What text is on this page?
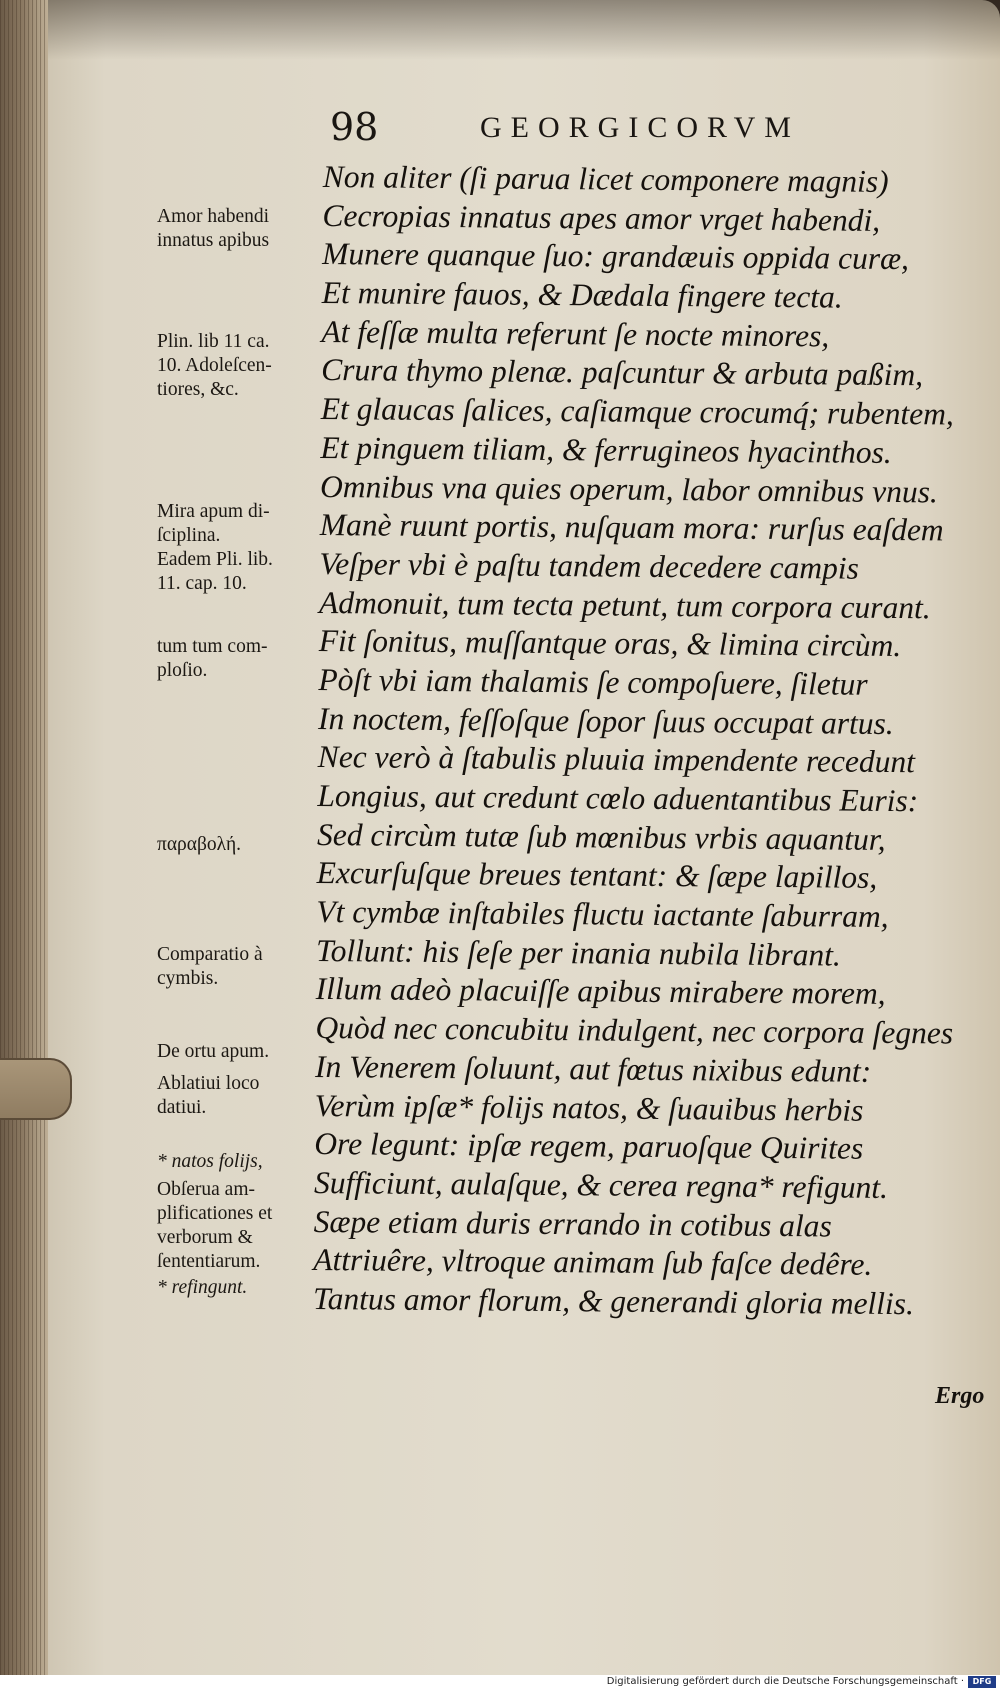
98	GEORGICORVM
Non aliter (ſi parua licet componere magnis)
Cecropias innatus apes amor vrget habendi,
Munere quanque ſuo: grandæuis oppida curæ,
Et munire fauos, & Dædala fingere tecta.
At feſſæ multa referunt ſe nocte minores,
Crura thymo plenæ. paſcuntur & arbuta paßim,
Et glaucas ſalices, caſiamque crocumq́; rubentem,
Et pinguem tiliam, & ferrugineos hyacinthos.
Omnibus vna quies operum, labor omnibus vnus.
Manè ruunt portis, nuſquam mora: rurſus eaſdem
Veſper vbi è paſtu tandem decedere campis
Admonuit, tum tecta petunt, tum corpora curant.
Fit ſonitus, muſſantque oras, & limina circùm.
Pòſt vbi iam thalamis ſe compoſuere, ſiletur
In noctem, feſſoſque ſopor ſuus occupat artus.
Nec verò à ſtabulis pluuia impendente recedunt
Longius, aut credunt cœlo aduentantibus Euris:
Sed circùm tutæ ſub mœnibus vrbis aquantur,
Excurſuſque breues tentant: & ſæpe lapillos,
Vt cymbæ inſtabiles fluctu iactante ſaburram,
Tollunt: his ſeſe per inania nubila librant.
Illum adeò placuiſſe apibus mirabere morem,
Quòd nec concubitu indulgent, nec corpora ſegnes
In Venerem ſoluunt, aut fœtus nixibus edunt:
Verùm ipſæ* folijs natos, & ſuauibus herbis
Ore legunt: ipſæ regem, paruoſque Quirites
Sufficiunt, aulaſque, & cerea regna* refigunt.
Sæpe etiam duris errando in cotibus alas
Attriuêre, vltroque animam ſub faſce dedêre.
Tantus amor florum, & generandi gloria mellis.
Amor habendi
innatus apibus
Plin. lib 11 ca.
10. Adoleſcen-
tiores, &c.
Mira apum di-
ſciplina.
Eadem Pli. lib.
11. cap. 10.
tum tum com-
ploſio.
παραβολή.
Comparatio à
cymbis.
De ortu apum.
Ablatiui loco
datiui.
* natos folijs,
Obſerua am-
plificationes et
verborum &
ſententiarum.
* refingunt.
Ergo
Digitalisierung gefördert durch die Deutsche Forschungsgemeinschaft ·	DFG
